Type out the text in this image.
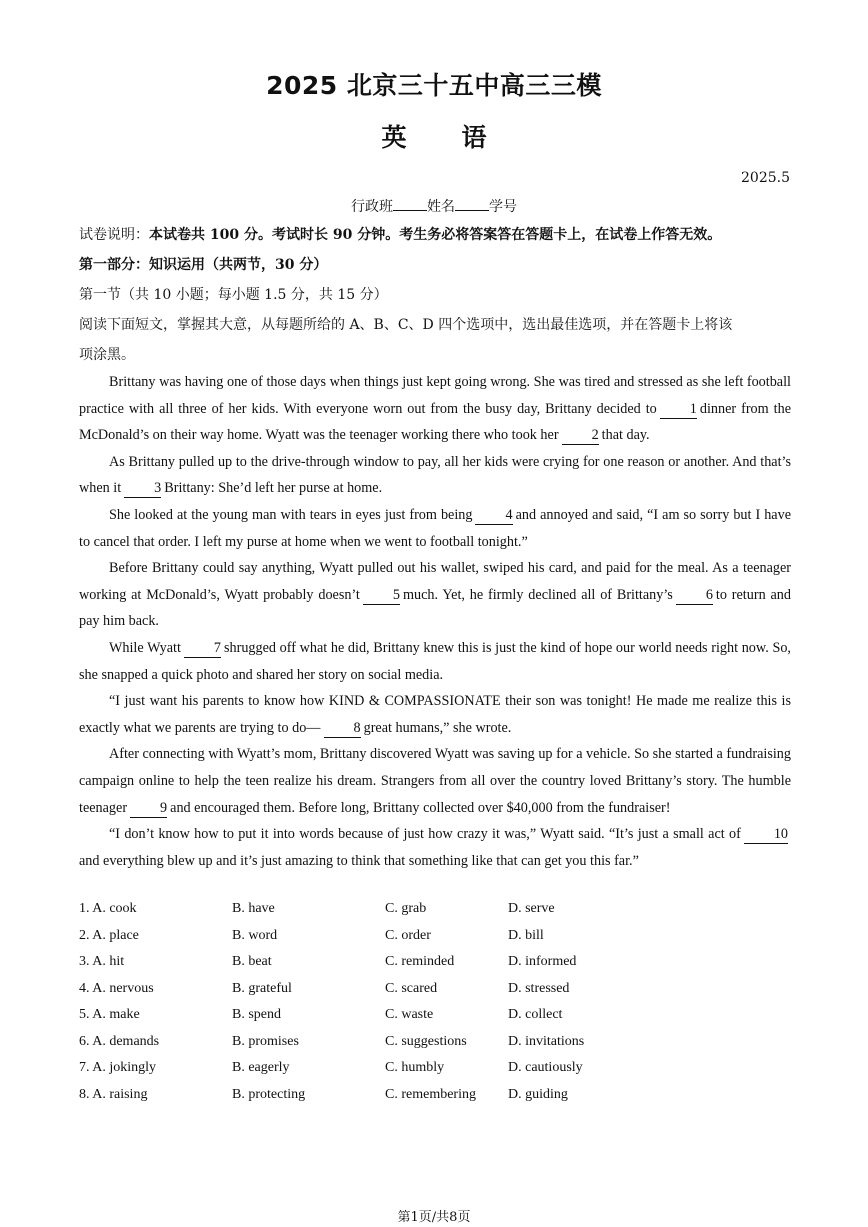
2025 北京三十五中高三三模
英语
2025.5
行政班 姓名 学号
试卷说明：本试卷共 100 分。考试时长 90 分钟。考生务必将答案答在答题卡上，在试卷上作答无效。
第一部分：知识运用（共两节，30 分）
第一节（共 10 小题；每小题 1.5 分，共 15 分）
阅读下面短文，掌握其大意，从每题所给的 A、B、C、D 四个选项中，选出最佳选项，并在答题卡上将该
项涂黑。

Brittany was having one of those days when things just kept going wrong. She was tired and stressed as she left football practice with all three of her kids. With everyone worn out from the busy day, Brittany decided to 1 dinner from the McDonald’s on their way home. Wyatt was the teenager working there who took her 2 that day.

As Brittany pulled up to the drive-through window to pay, all her kids were crying for one reason or another. And that’s when it 3 Brittany: She’d left her purse at home.

She looked at the young man with tears in eyes just from being 4 and annoyed and said, “I am so sorry but I have to cancel that order. I left my purse at home when we went to football tonight.”

Before Brittany could say anything, Wyatt pulled out his wallet, swiped his card, and paid for the meal. As a teenager working at McDonald’s, Wyatt probably doesn’t 5 much. Yet, he firmly declined all of Brittany’s 6 to return and pay him back.

While Wyatt 7 shrugged off what he did, Brittany knew this is just the kind of hope our world needs right now. So, she snapped a quick photo and shared her story on social media.

“I just want his parents to know how KIND & COMPASSIONATE their son was tonight! He made me realize this is exactly what we parents are trying to do— 8 great humans,” she wrote.

After connecting with Wyatt’s mom, Brittany discovered Wyatt was saving up for a vehicle. So she started a fundraising campaign online to help the teen realize his dream. Strangers from all over the country loved Brittany’s story. The humble teenager 9 and encouraged them. Before long, Brittany collected over $40,000 from the fundraiser!

“I don’t know how to put it into words because of just how crazy it was,” Wyatt said. “It’s just a small act of 10and everything blew up and it’s just amazing to think that something like that can get you this far.”

1. A. cook	B. have	C. grab	D. serve
2. A. place	B. word	C. order	D. bill
3. A. hit	B. beat	C. reminded	D. informed
4. A. nervous	B. grateful	C. scared	D. stressed
5. A. make	B. spend	C. waste	D. collect
6. A. demands	B. promises	C. suggestions	D. invitations
7. A. jokingly	B. eagerly	C. humbly	D. cautiously
8. A. raising	B. protecting	C. remembering D. guiding
第1页/共8页
